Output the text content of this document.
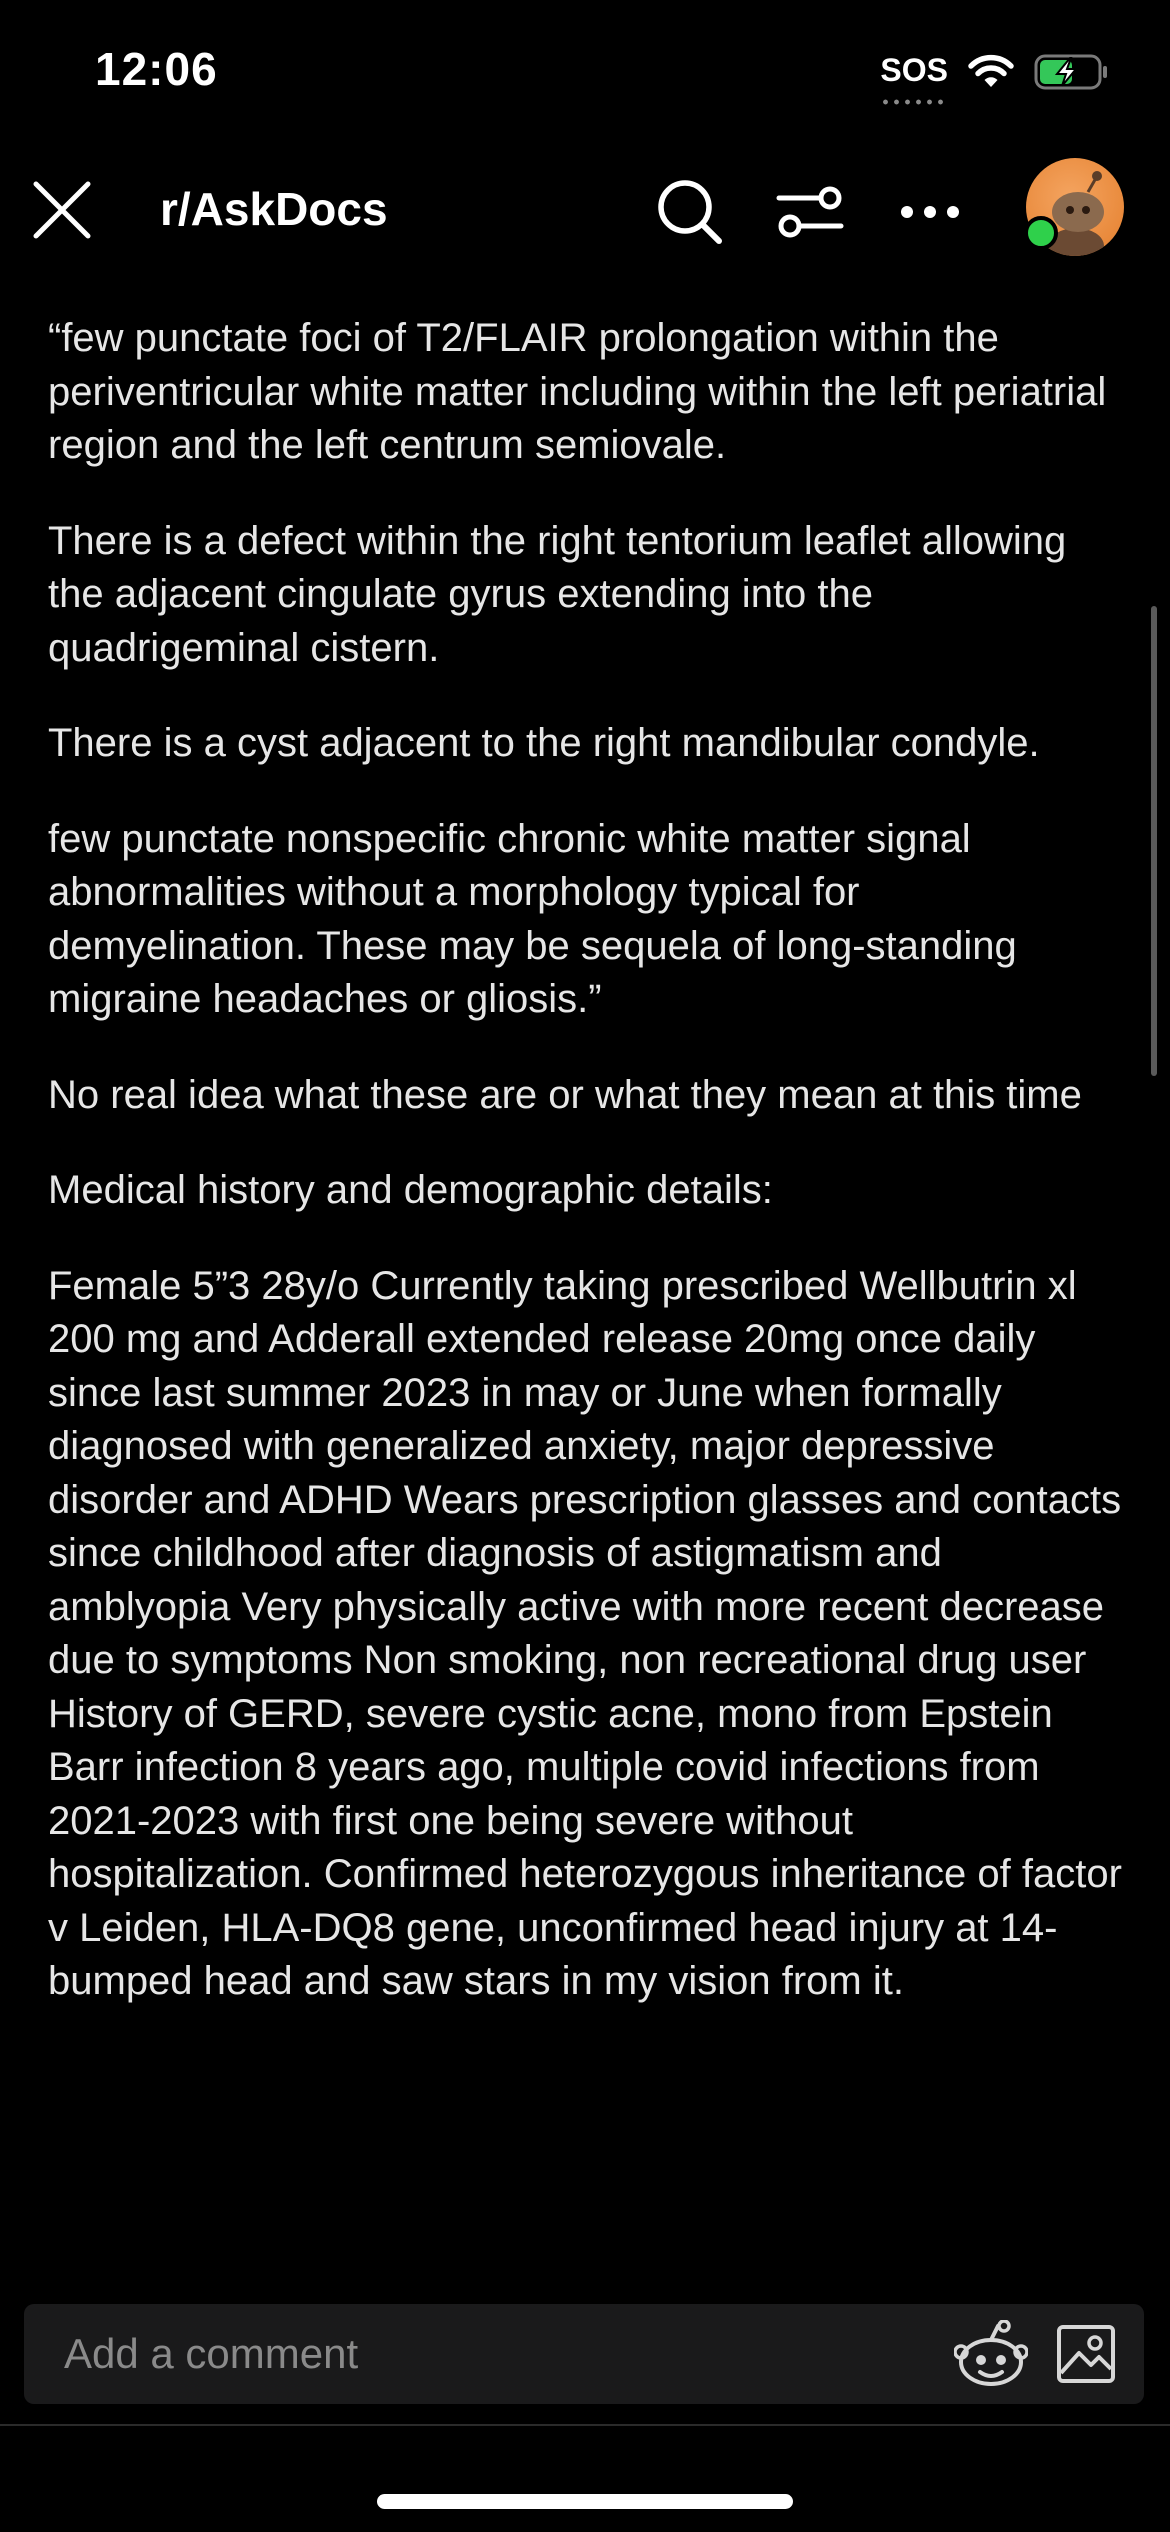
12:06	SOS
r/AskDocs

“few punctate foci of T2/FLAIR prolongation within the periventricular white matter including within the left periatrial region and the left centrum semiovale.

There is a defect within the right tentorium leaflet allowing the adjacent cingulate gyrus extending into the quadrigeminal cistern.

There is a cyst adjacent to the right mandibular condyle.

few punctate nonspecific chronic white matter signal abnormalities without a morphology typical for demyelination. These may be sequela of long-standing migraine headaches or gliosis.”

No real idea what these are or what they mean at this time

Medical history and demographic details:

Female 5”3 28y/o Currently taking prescribed Wellbutrin xl 200 mg and Adderall extended release 20mg once daily since last summer 2023 in may or June when formally diagnosed with generalized anxiety, major depressive disorder and ADHD Wears prescription glasses and contacts since childhood after diagnosis of astigmatism and amblyopia Very physically active with more recent decrease due to symptoms Non smoking, non recreational drug user History of GERD, severe cystic acne, mono from Epstein Barr infection 8 years ago, multiple covid infections from 2021-2023 with first one being severe without hospitalization. Confirmed heterozygous inheritance of factor v Leiden, HLA-DQ8 gene, unconfirmed head injury at 14- bumped head and saw stars in my vision from it.

Add a comment
